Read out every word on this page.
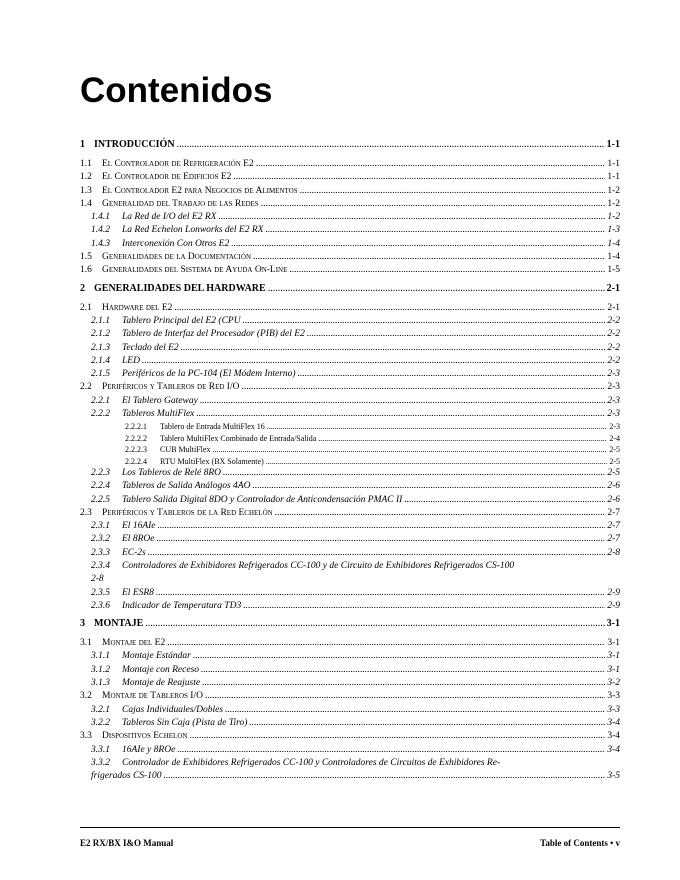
Contenidos
1 INTRODUCCIÓN .....	1-1
1.1	El Controlador de Refrigeración E2 .....	1-1
1.2	El Controlador de Edificios E2 .....	1-1
1.3	El Controlador E2 para Negocios de Alimentos .....	1-2
1.4	Generalidad del Trabajo de las Redes .....	1-2
1.4.1	La Red de I/O del E2 RX .....	1-2
1.4.2	La Red Echelon Lonworks del E2 RX .....	1-3
1.4.3	Interconexión Con Otros E2 .....	1-4
1.5	Generalidades de la Documentación .....	1-4
1.6	Generalidades del Sistema de Ayuda On-Line .....	1-5
2 GENERALIDADES DEL HARDWARE .....	2-1
2.1	Hardware del E2 .....	2-1
2.1.1	Tablero Principal del E2 (CPU .....	2-2
2.1.2	Tablero de Interfaz del Procesador (PIB) del E2 .....	2-2
2.1.3	Teclado del E2 .....	2-2
2.1.4	LED .....	2-2
2.1.5	Periféricos de la PC-104 (El Módem Interno) .....	2-3
2.2	Periféricos y Tableros de Red I/O .....	2-3
2.2.1	El Tablero Gateway .....	2-3
2.2.2	Tableros MultiFlex .....	2-3
2.2.2.1	Tablero de Entrada MultiFlex 16 .....	2-3
2.2.2.2	Tablero MultiFlex Combinado de Entrada/Salida .....	2-4
2.2.2.3	CUB MultiFlex .....	2-5
2.2.2.4	RTU MultiFlex (BX Solamente) .....	2-5
2.2.3	Los Tableros de Relé 8RO .....	2-5
2.2.4	Tableros de Salida Análogos 4AO .....	2-6
2.2.5	Tablero Salida Digital 8DO y Controlador de Anticondensación PMAC II .....	2-6
2.3	Periféricos y Tableros de la Red Echelón .....	2-7
2.3.1	El 16AIe .....	2-7
2.3.2	El 8ROe .....	2-7
2.3.3	EC-2s .....	2-8
2.3.4 Controladores de Exhibidores Refrigerados CC-100 y de Circuito de Exhibidores Refrigerados CS-100
2-8
2.3.5	El ESR8 .....	2-9
2.3.6	Indicador de Temperatura TD3 .....	2-9
3 MONTAJE .....	3-1
3.1	Montaje del E2 .....	3-1
3.1.1	Montaje Estándar .....	3-1
3.1.2	Montaje con Receso .....	3-1
3.1.3	Montaje de Reajuste .....	3-2
3.2	Montaje de Tableros I/O .....	3-3
3.2.1	Cajas Individuales/Dobles .....	3-3
3.2.2	Tableros Sin Caja (Pista de Tiro) .....	3-4
3.3	Dispositivos Echelon .....	3-4
3.3.1	16AIe y 8ROe .....	3-4
3.3.2 Controlador de Exhibidores Refrigerados CC-100 y Controladores de Circuitos de Exhibidores Re-
frigerados CS-100 .....	3-5
E2 RX/BX I&O Manual	Table of Contents • v
